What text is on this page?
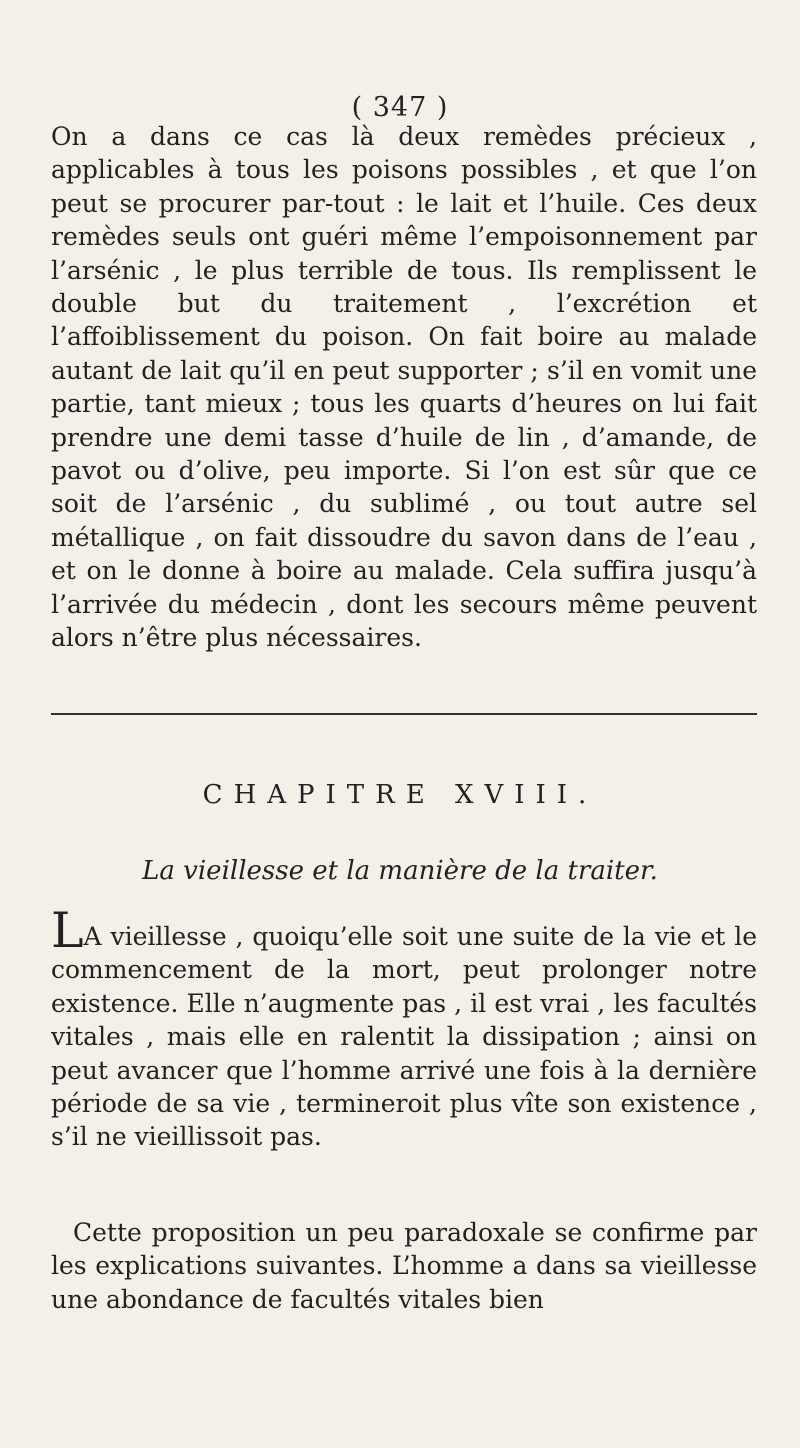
( 347 )

On a dans ce cas là deux remèdes précieux , applicables à tous les poisons possibles , et que l’on peut se procurer par-tout : le lait et l’huile. Ces deux remèdes seuls ont guéri même l’empoisonnement par l’arsénic , le plus terrible de tous. Ils remplissent le double but du traitement , l’excrétion et l’affoiblissement du poison. On fait boire au malade autant de lait qu’il en peut supporter ; s’il en vomit une partie, tant mieux ; tous les quarts d’heures on lui fait prendre une demi tasse d’huile de lin , d’amande, de pavot ou d’olive, peu importe. Si l’on est sûr que ce soit de l’arsénic , du sublimé , ou tout autre sel métallique , on fait dissoudre du savon dans de l’eau , et on le donne à boire au malade. Cela suffira jusqu’à l’arrivée du médecin , dont les secours même peuvent alors n’être plus nécessaires.

CHAPITRE XVIII.
La vieillesse et la manière de la traiter.

LA vieillesse , quoiqu’elle soit une suite de la vie et le commencement de la mort, peut prolonger notre existence. Elle n’augmente pas , il est vrai , les facultés vitales , mais elle en ralentit la dissipation ; ainsi on peut avancer que l’homme arrivé une fois à la dernière période de sa vie , termineroit plus vîte son existence , s’il ne vieillissoit pas.

Cette proposition un peu paradoxale se confirme par les explications suivantes. L’homme a dans sa vieillesse une abondance de facultés vitales bien
